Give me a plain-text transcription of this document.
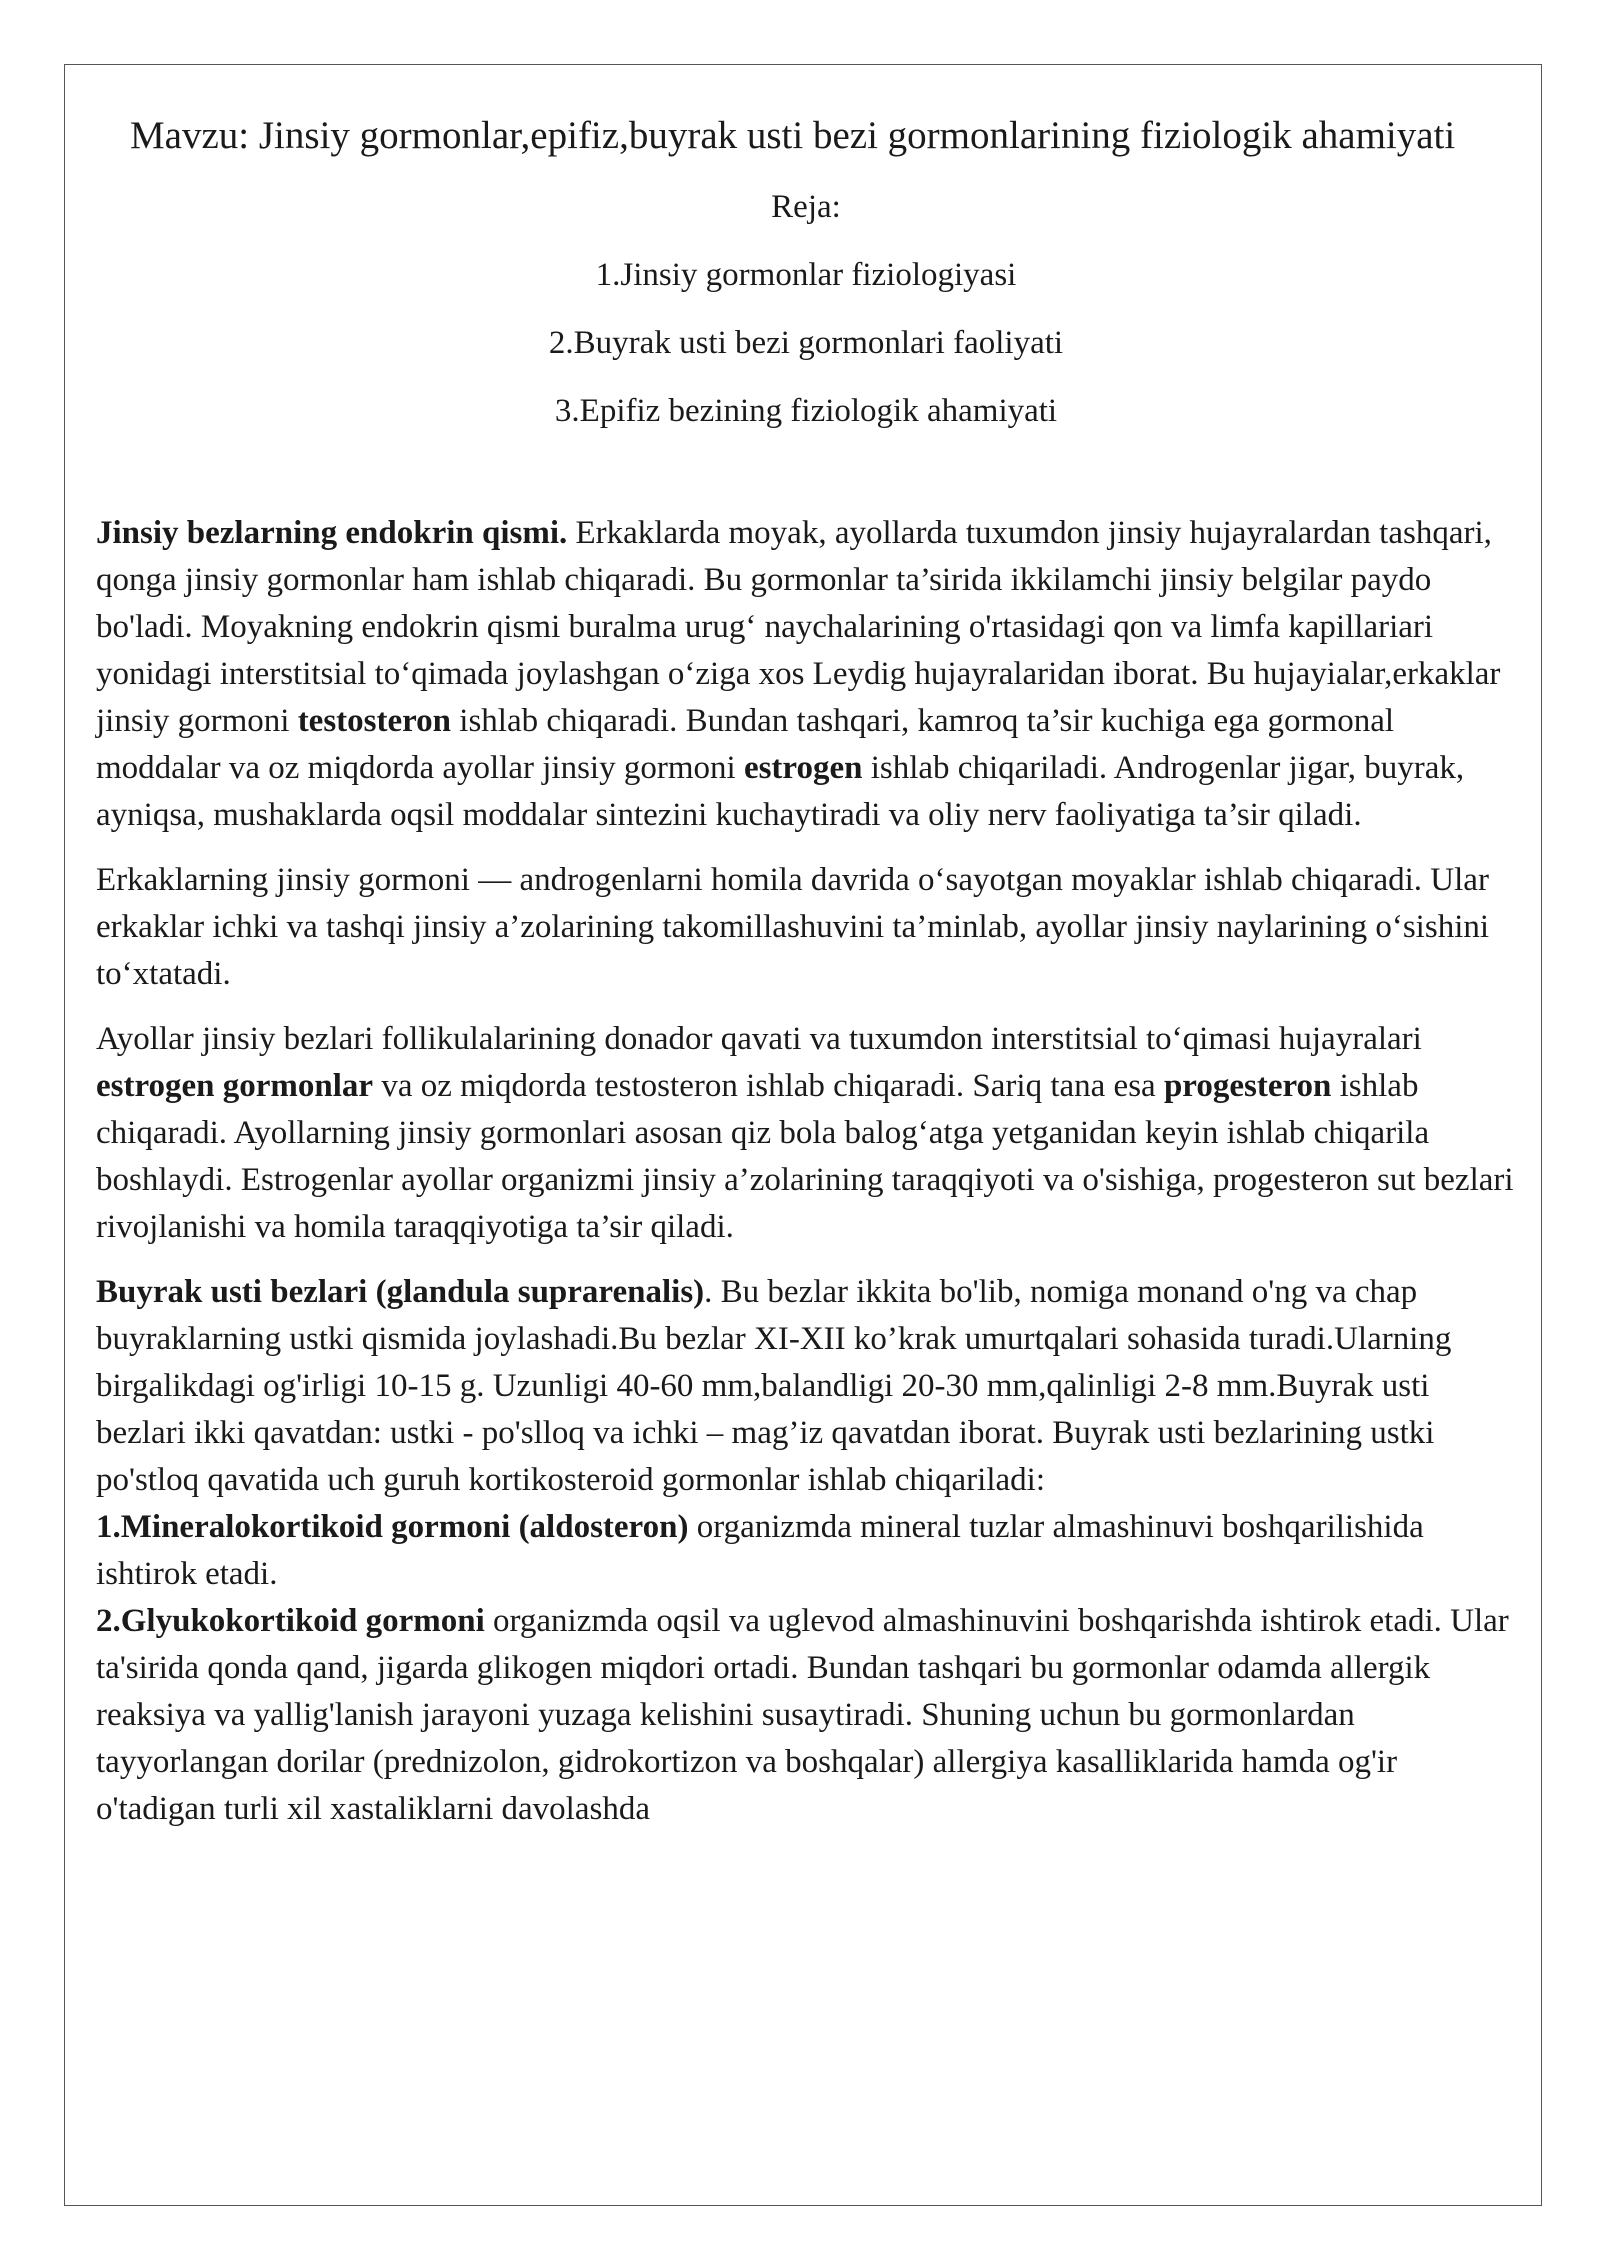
Mavzu: Jinsiy gormonlar,epifiz,buyrak usti bezi gormonlarining fiziologik ahamiyati
Reja:
1.Jinsiy gormonlar fiziologiyasi
2.Buyrak usti bezi gormonlari faoliyati
3.Epifiz bezining fiziologik ahamiyati

Jinsiy bezlarning endokrin qismi. Erkaklarda moyak, ayollarda tuxumdon jinsiy hujayralardan tashqari, qonga jinsiy gormonlar ham ishlab chiqaradi. Bu gormonlar ta’sirida ikkilamchi jinsiy belgilar paydo bo'ladi. Moyakning endokrin qismi buralma urug‘ naychalarining o'rtasidagi qon va limfa kapillariari yonidagi interstitsial to‘qimada joylashgan o‘ziga xos Leydig hujayralaridan iborat. Bu hujayialar,erkaklar jinsiy gormoni testosteron ishlab chiqaradi. Bundan tashqari, kamroq ta’sir kuchiga ega gormonal moddalar va oz miqdorda ayollar jinsiy gormoni estrogen ishlab chiqariladi. Androgenlar jigar, buyrak, ayniqsa, mushaklarda oqsil moddalar sintezini kuchaytiradi va oliy nerv faoliyatiga ta’sir qiladi.

Erkaklarning jinsiy gormoni — androgenlarni homila davrida o‘sayotgan moyaklar ishlab chiqaradi. Ular erkaklar ichki va tashqi jinsiy a’zolarining takomillashuvini ta’minlab, ayollar jinsiy naylarining o‘sishini to‘xtatadi.

Ayollar jinsiy bezlari follikulalarining donador qavati va tuxumdon interstitsial to‘qimasi hujayralari estrogen gormonlar va oz miqdorda testosteron ishlab chiqaradi. Sariq tana esa progesteron ishlab chiqaradi. Ayollarning jinsiy gormonlari asosan qiz bola balog‘atga yetganidan keyin ishlab chiqarila boshlaydi. Estrogenlar ayollar organizmi jinsiy a’zolarining taraqqiyoti va o'sishiga, progesteron sut bezlari rivojlanishi va homila taraqqiyotiga ta’sir qiladi.

Buyrak usti bezlari (glandula suprarenalis). Bu bezlar ikkita bo'lib, nomiga monand o'ng va chap buyraklarning ustki qismida joylashadi.Bu bezlar XI-XII ko’krak umurtqalari sohasida turadi.Ularning birgalikdagi og'irligi 10-15 g. Uzunligi 40-60 mm,balandligi 20-30 mm,qalinligi 2-8 mm.Buyrak usti bezlari ikki qavatdan: ustki - po'slloq va ichki – mag’iz qavatdan iborat. Buyrak usti bezlarining ustki po'stloq qavatida uch guruh kortikosteroid gormonlar ishlab chiqariladi:

1.Mineralokortikoid gormoni (aldosteron) organizmda mineral tuzlar almashinuvi boshqarilishida ishtirok etadi.

2.Glyukokortikoid gormoni organizmda oqsil va uglevod almashinuvini boshqarishda ishtirok etadi. Ular ta'sirida qonda qand, jigarda glikogen miqdori ortadi. Bundan tashqari bu gormonlar odamda allergik reaksiya va yallig'lanish jarayoni yuzaga kelishini susaytiradi. Shuning uchun bu gormonlardan tayyorlangan dorilar (prednizolon, gidrokortizon va boshqalar) allergiya kasalliklarida hamda og'ir o'tadigan turli xil xastaliklarni davolashda
